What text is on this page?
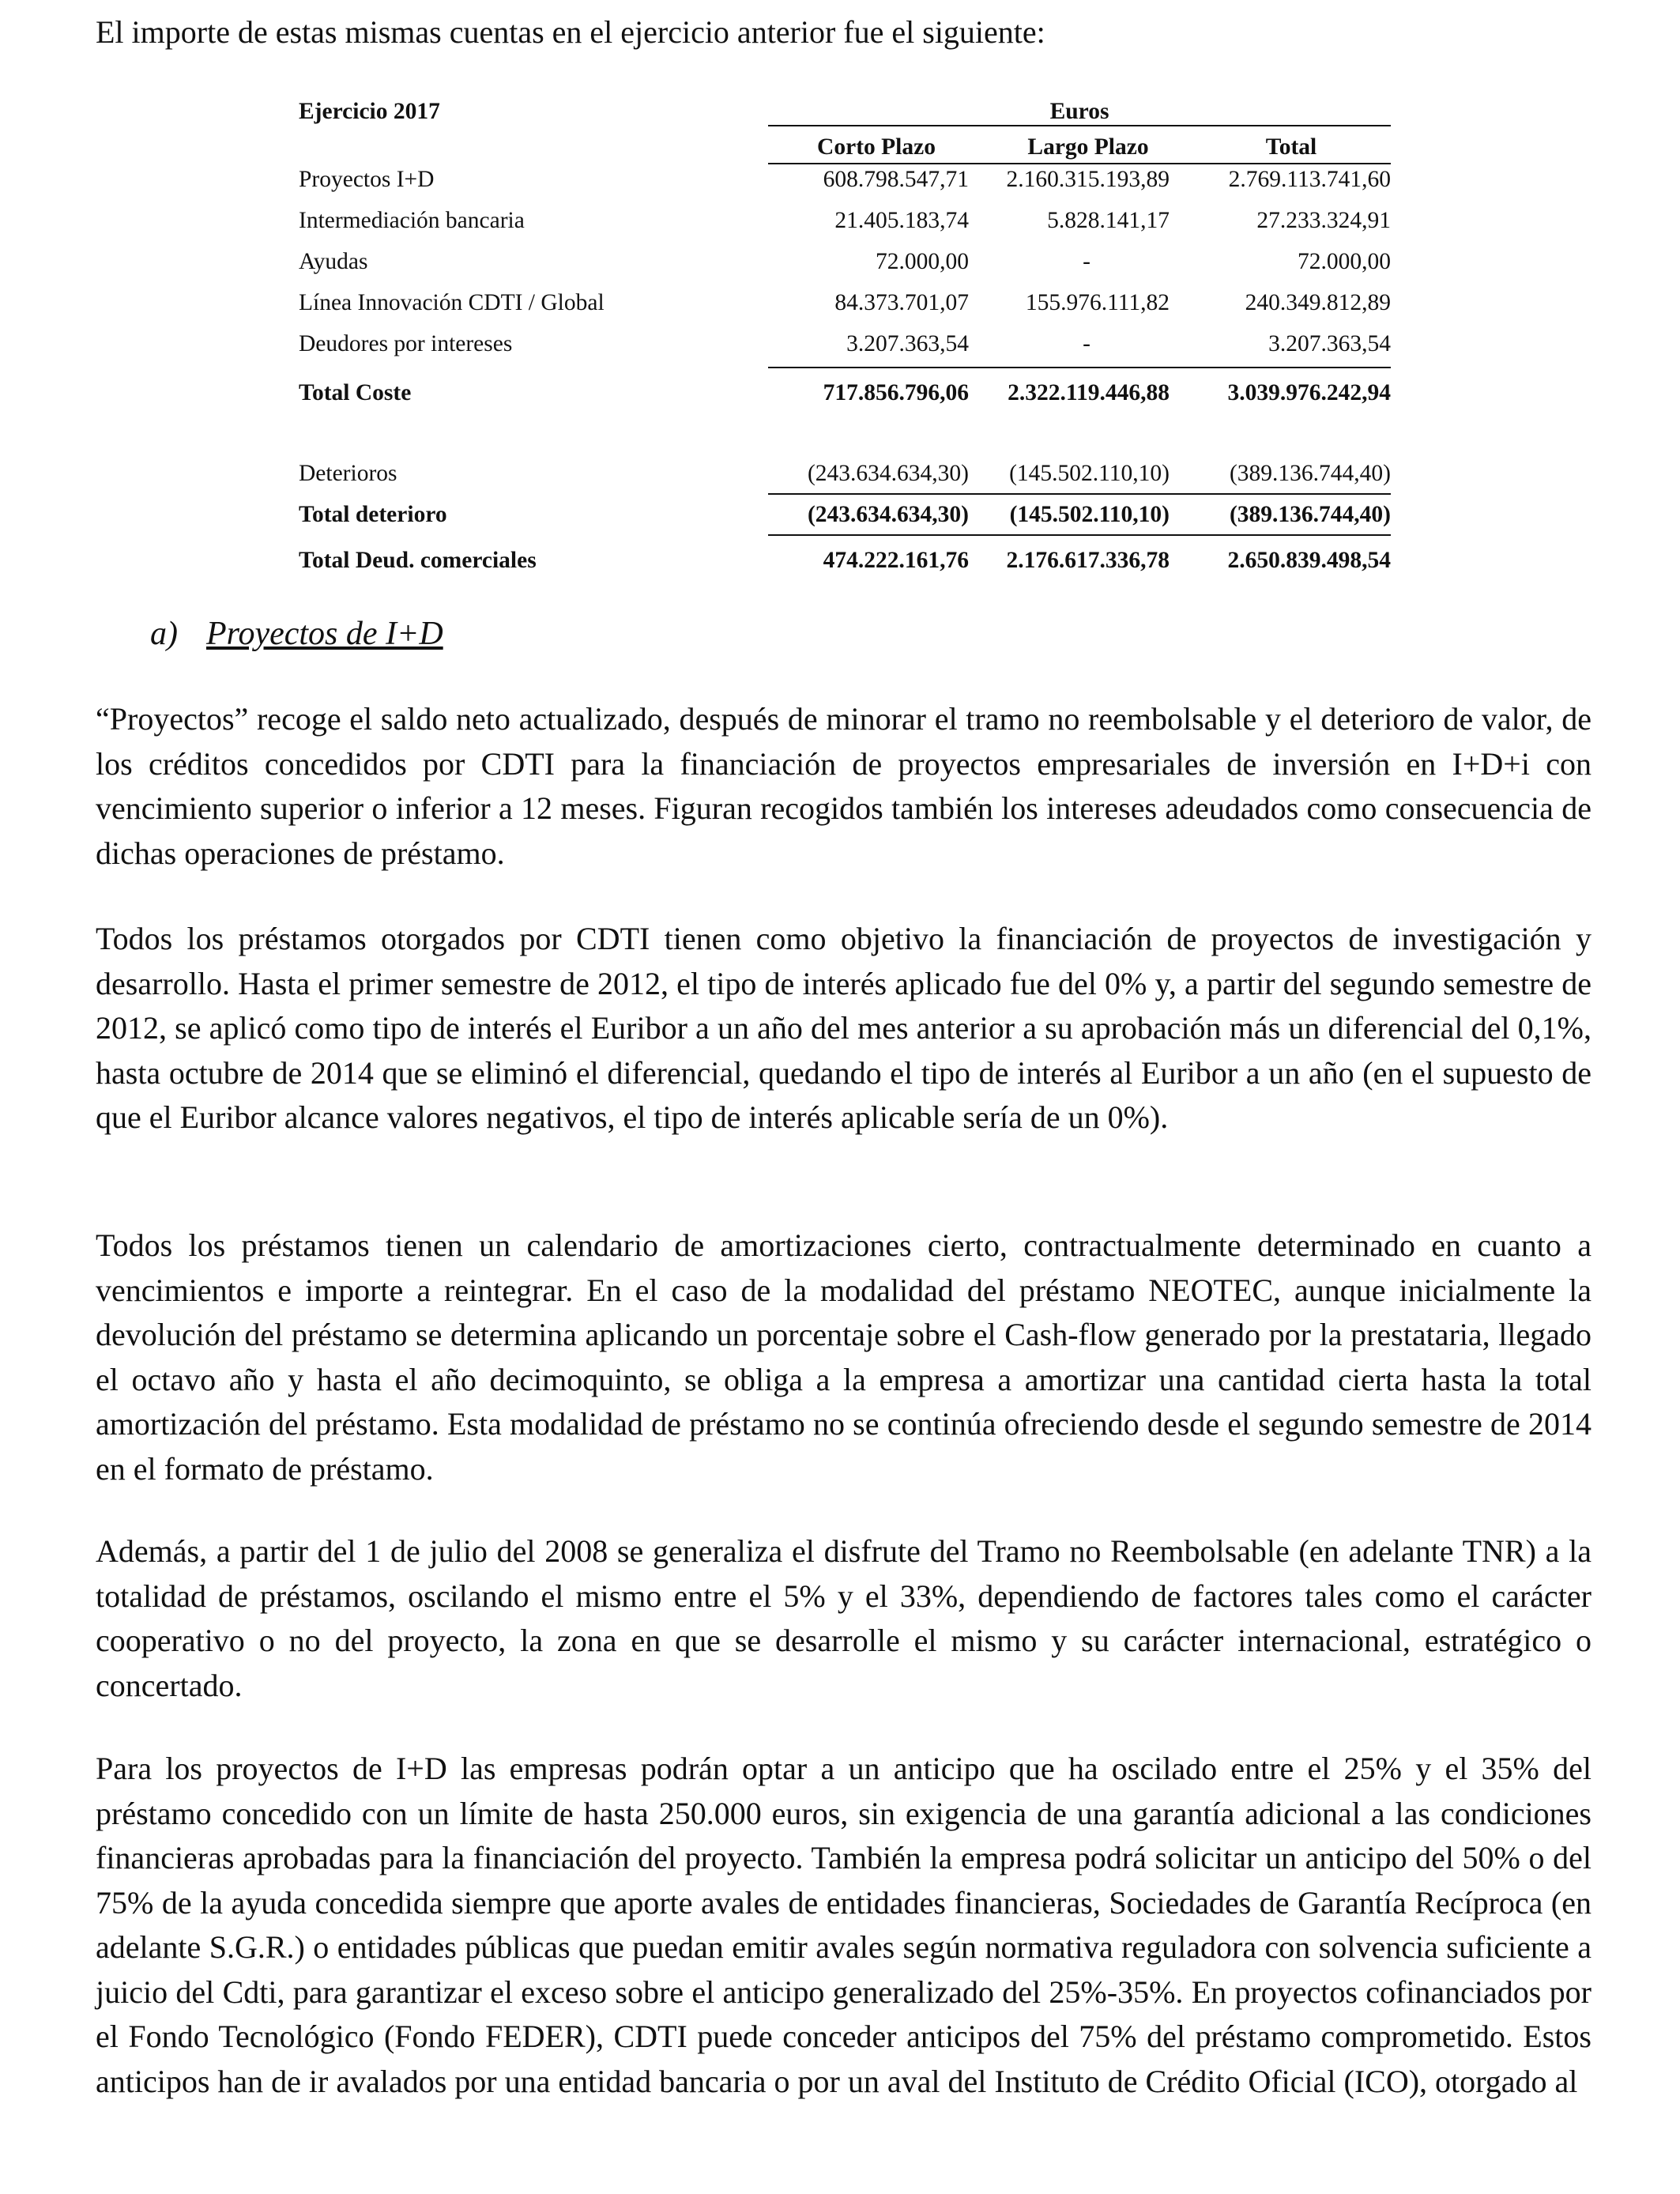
El importe de estas mismas cuentas en el ejercicio anterior fue el siguiente:

Ejercicio 2017	Euros
Corto Plazo	Largo Plazo	Total
Proyectos I+D	608.798.547,71	2.160.315.193,89	2.769.113.741,60
Intermediación bancaria	21.405.183,74	5.828.141,17	27.233.324,91
Ayudas	72.000,00	-	72.000,00
Línea Innovación CDTI / Global	84.373.701,07	155.976.111,82	240.349.812,89
Deudores por intereses	3.207.363,54	-	3.207.363,54
Total Coste	717.856.796,06	2.322.119.446,88	3.039.976.242,94
Deterioros	(243.634.634,30)	(145.502.110,10)	(389.136.744,40)
Total deterioro	(243.634.634,30)	(145.502.110,10)	(389.136.744,40)
Total Deud. comerciales	474.222.161,76	2.176.617.336,78	2.650.839.498,54

a) Proyectos de I+D

“Proyectos” recoge el saldo neto actualizado, después de minorar el tramo no reembolsable y el deterioro de valor, de los créditos concedidos por CDTI para la financiación de proyectos empresariales de inversión en I+D+i con vencimiento superior o inferior a 12 meses. Figuran recogidos también los intereses adeudados como consecuencia de dichas operaciones de préstamo.

Todos los préstamos otorgados por CDTI tienen como objetivo la financiación de proyectos de investigación y desarrollo. Hasta el primer semestre de 2012, el tipo de interés aplicado fue del 0% y, a partir del segundo semestre de 2012, se aplicó como tipo de interés el Euribor a un año del mes anterior a su aprobación más un diferencial del 0,1%, hasta octubre de 2014 que se eliminó el diferencial, quedando el tipo de interés al Euribor a un año (en el supuesto de que el Euribor alcance valores negativos, el tipo de interés aplicable sería de un 0%).

Todos los préstamos tienen un calendario de amortizaciones cierto, contractualmente determinado en cuanto a vencimientos e importe a reintegrar. En el caso de la modalidad del préstamo NEOTEC, aunque inicialmente la devolución del préstamo se determina aplicando un porcentaje sobre el Cash-flow generado por la prestataria, llegado el octavo año y hasta el año decimoquinto, se obliga a la empresa a amortizar una cantidad cierta hasta la total amortización del préstamo. Esta modalidad de préstamo no se continúa ofreciendo desde el segundo semestre de 2014 en el formato de préstamo.

Además, a partir del 1 de julio del 2008 se generaliza el disfrute del Tramo no Reembolsable (en adelante TNR) a la totalidad de préstamos, oscilando el mismo entre el 5% y el 33%, dependiendo de factores tales como el carácter cooperativo o no del proyecto, la zona en que se desarrolle el mismo y su carácter internacional, estratégico o concertado.

Para los proyectos de I+D las empresas podrán optar a un anticipo que ha oscilado entre el 25% y el 35% del préstamo concedido con un límite de hasta 250.000 euros, sin exigencia de una garantía adicional a las condiciones financieras aprobadas para la financiación del proyecto. También la empresa podrá solicitar un anticipo del 50% o del 75% de la ayuda concedida siempre que aporte avales de entidades financieras, Sociedades de Garantía Recíproca (en adelante S.G.R.) o entidades públicas que puedan emitir avales según normativa reguladora con solvencia suficiente a juicio del Cdti, para garantizar el exceso sobre el anticipo generalizado del 25%-35%. En proyectos cofinanciados por el Fondo Tecnológico (Fondo FEDER), CDTI puede conceder anticipos del 75% del préstamo comprometido. Estos anticipos han de ir avalados por una entidad bancaria o por un aval del Instituto de Crédito Oficial (ICO), otorgado al
